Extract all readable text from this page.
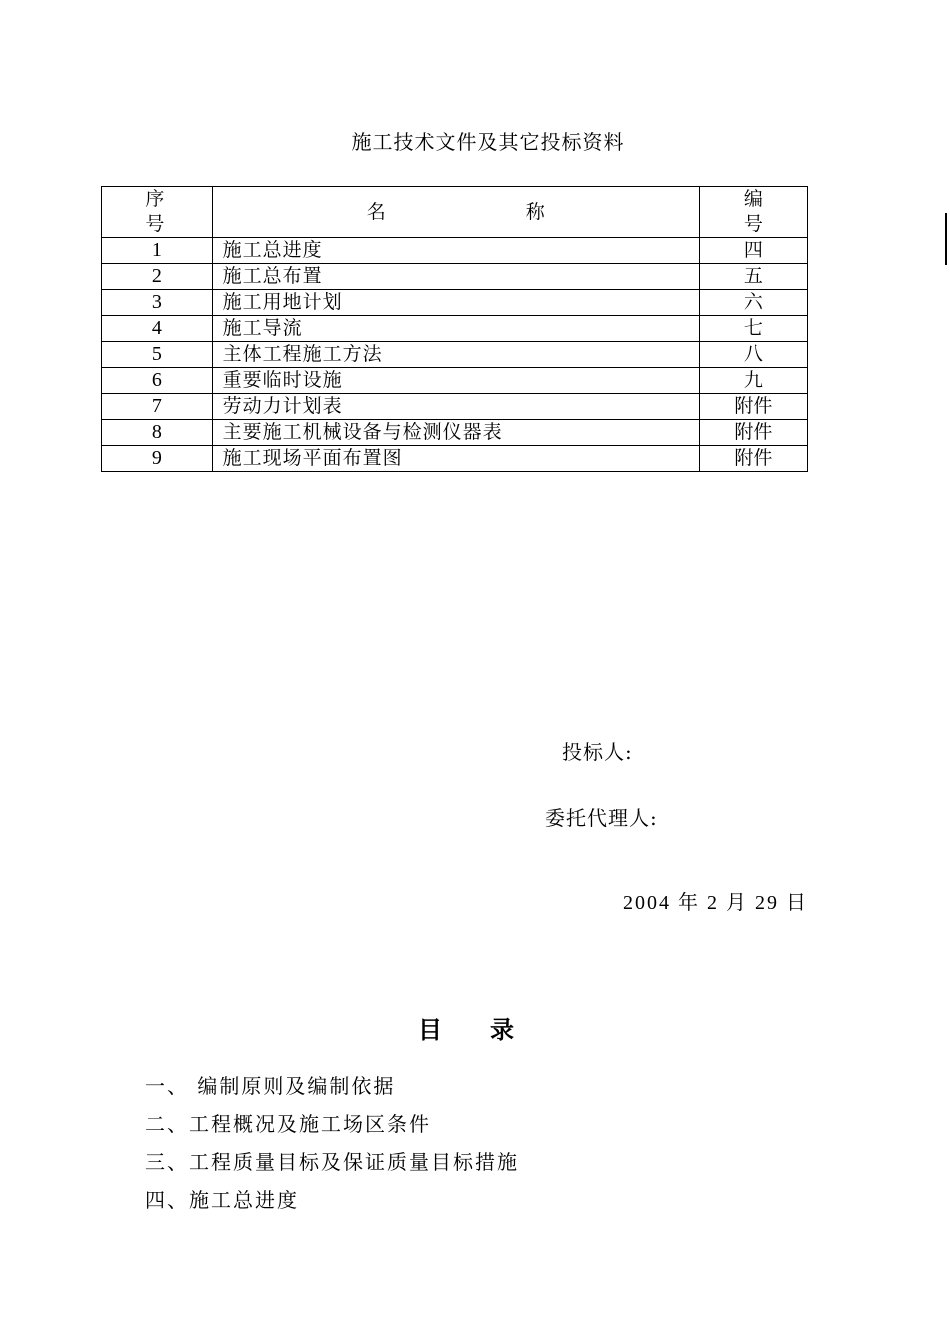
施工技术文件及其它投标资料
序号	名称	编号
1	施工总进度	四
2	施工总布置	五
3	施工用地计划	六
4	施工导流	七
5	主体工程施工方法	八
6	重要临时设施	九
7	劳动力计划表	附件
8	主要施工机械设备与检测仪器表	附件
9	施工现场平面布置图	附件
投标人:
委托代理人:
2004 年 2 月 29 日
目录
一、 编制原则及编制依据
二、工程概况及施工场区条件
三、工程质量目标及保证质量目标措施
四、施工总进度
